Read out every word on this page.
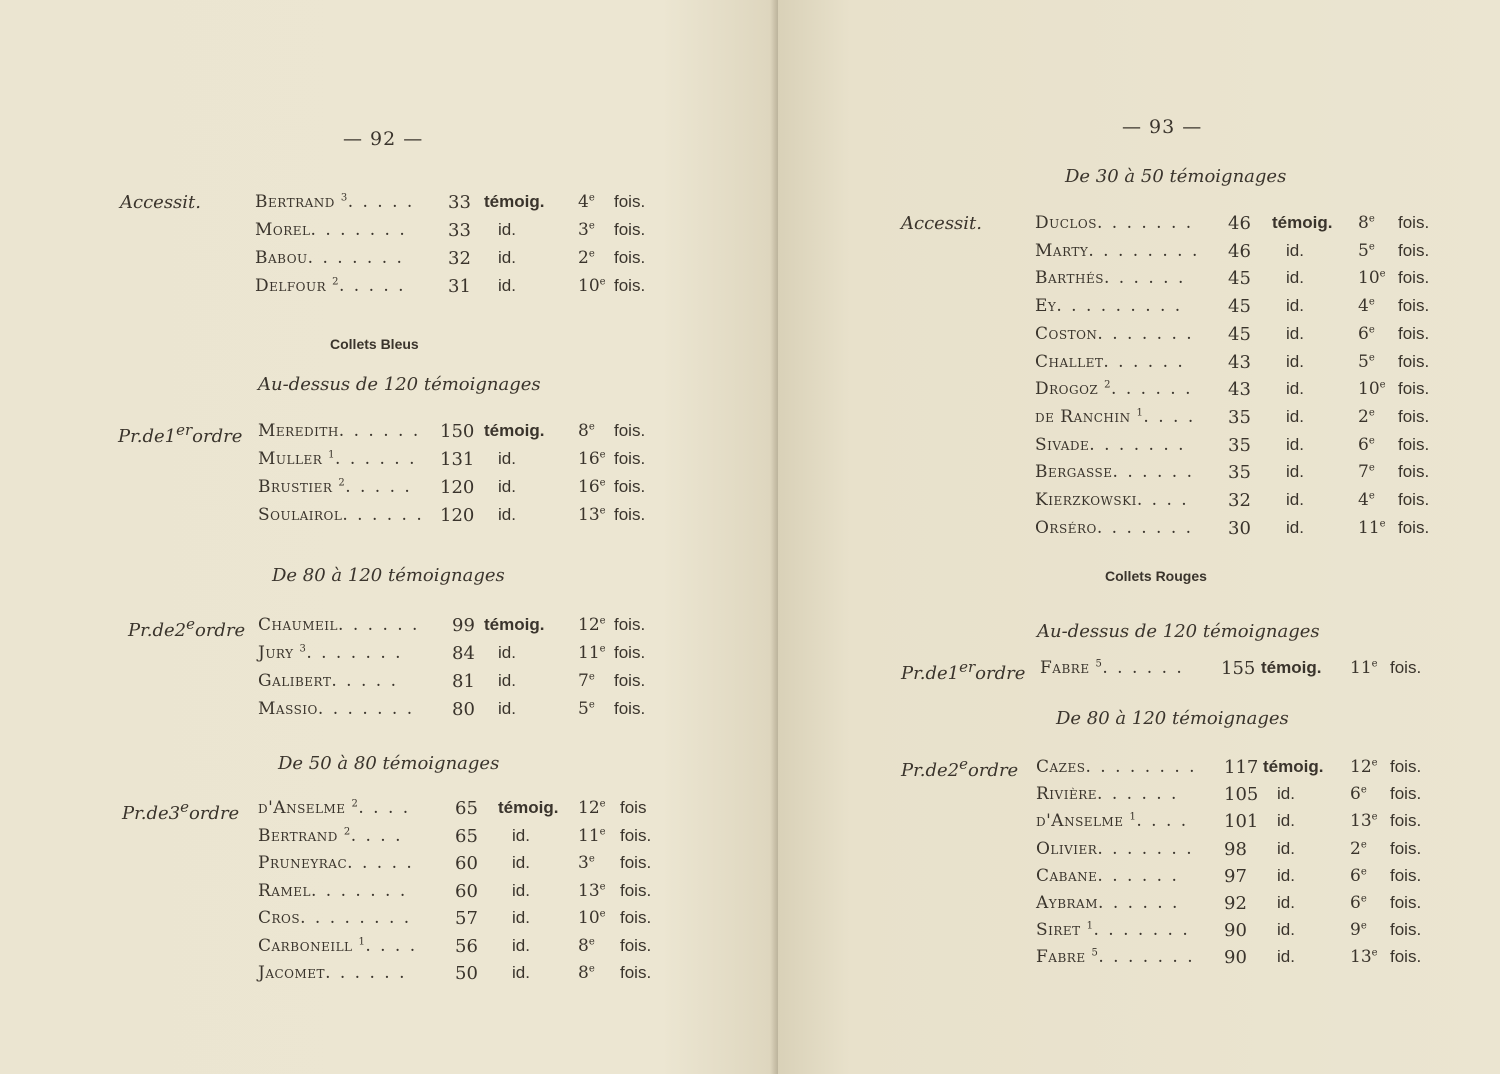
— 92 —
Accessit.	Bertrand $^3$. . . . . 33 témoig. 4e fois.
Morel. . . . . . . 33 id.	3e fois.
Babou. . . . . . . 32 id.	2e fois.
Delfour $^2$. . . . . 31 id.	10e fois.
Collets Bleus
Au-dessus de 120 témoignages
Pr.de1erordre Meredith. . . . . . 150 témoig. 8e fois.
Muller $^1$. . . . . . 131 id.	16e fois.
Brustier $^2$. . . . . 120 id.	16e fois.
Soulairol. . . . . . 120 id.	13e fois.
De 80 à 120 témoignages
Pr.de2eordre Chaumeil. . . . . . 99 témoig. 12e fois.
Jury $^3$. . . . . . .	84 id.	11e fois.
Galibert. . . . .	81 id.	7e fois.
Massio. . . . . . . 80 id.	5e fois.
De 50 à 80 témoignages
Pr.de3eordre d'Anselme $^2$. . . . 65 témoig. 12e fois
Bertrand $^2$. . . .	65 id.	11e fois.
Pruneyrac. . . . . 60 id.	3e fois.
Ramel. . . . . . .	60 id.	13e fois.
Cros. . . . . . . . 57 id.	10e fois.
Carboneill $^1$. . . . 56 id.	8e fois.
Jacomet. . . . . .	50 id.	8e fois.
— 93 —
De 30 à 50 témoignages
Accessit.	Duclos. . . . . . . 46 témoig. 8e fois.
Marty. . . . . . . . 46 id.	5e fois.
Barthés. . . . . . 45 id.	10e fois.
Ey. . . . . . . . .	45 id.	4e fois.
Coston. . . . . . . 45 id.	6e fois.
Challet. . . . . . 43 id.	5e fois.
Drogoz $^2$. . . . . . 43 id.	10e fois.
de Ranchin $^1$. . . . 35 id.	2e fois.
Sivade. . . . . . . 35 id.	6e fois.
Bergasse. . . . . . 35 id.	7e fois.
Kierzkowski. . . . 32 id.	4e fois.
Orséro. . . . . . . 30 id.	11e fois.
Collets Rouges
Au-dessus de 120 témoignages
Pr.de1erordre Fabre $^5$. . . . . . 155 témoig. 11e fois.
De 80 à 120 témoignages
Pr.de2eordre Cazes. . . . . . . . 117 témoig. 12e fois.
Rivière. . . . . .	105 id.	6e fois.
d'Anselme $^1$. . . . 101 id.	13e fois.
Olivier. . . . . . . 98 id.	2e fois.
Cabane. . . . . .	97 id.	6e fois.
Aybram. . . . . . 92 id.	6e fois.
Siret $^1$. . . . . . . 90 id.	9e fois.
Fabre $^5$. . . . . . . 90 id.	13e fois.
